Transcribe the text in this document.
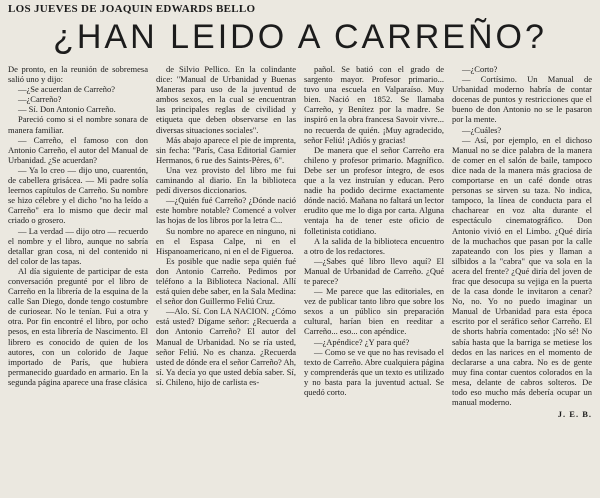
LOS JUEVES DE JOAQUIN EDWARDS BELLO
¿HAN LEIDO A CARREÑO?

De pronto, en la reunión de sobremesa salió uno y dijo:

—¿Se acuerdan de Carreño?

—¿Carreño?

— Sí. Don Antonio Carreño.

Pareció como si el nombre sonara de manera familiar.

— Carreño, el famoso con don Antonio Carreño, el autor del Manual de Urbanidad. ¿Se acuerdan?

— Ya lo creo — dijo uno, cuarentón, de cabellera grisácea. — Mi padre solía leernos capítulos de Carreño. Su nombre se hizo célebre y el dicho "no ha leído a Carreño" era lo mismo que decir mal criado o grosero.

— La verdad — dijo otro — recuerdo el nombre y el libro, aunque no sabría detallar gran cosa, ni del contenido ni del color de las tapas.

Al día siguiente de participar de esta conversación pregunté por el libro de Carreño en la librería de la esquina de la calle San Diego, donde tengo costumbre de curiosear. No le tenían. Fui a otra y otra. Por fin encontré el libro, por ocho pesos, en esta librería de Nascimento. El librero es conocido de quien de los autores, con un colorido de Jaque importado de París, que hubiera permanecido guardado en armario. En la segunda página aparece una frase clásica

de Silvio Pellico. En la colindante dice: "Manual de Urbanidad y Buenas Maneras para uso de la juventud de ambos sexos, en la cual se encuentran las principales reglas de civilidad y etiqueta que deben observarse en las diversas situaciones sociales".

Más abajo aparece el pie de imprenta, sin fecha: "París, Casa Editorial Garnier Hermanos, 6 rue des Saints-Pères, 6".

Una vez provisto del libro me fui caminando al diario. En la biblioteca pedí diversos diccionarios.

—¿Quién fué Carreño? ¿Dónde nació este hombre notable? Comencé a volver las hojas de los libros por la letra C...

Su nombre no aparece en ninguno, ni en el Espasa Calpe, ni en el Hispanoamericano, ni en el de Figueroa.

Es posible que nadie sepa quién fué don Antonio Carreño. Pedimos por teléfono a la Biblioteca Nacional. Allí está quien debe saber, en la Sala Medina: el señor don Guillermo Feliú Cruz.

—Alo. Sí. Con LA NACION. ¿Cómo está usted? Dígame señor: ¿Recuerda a don Antonio Carreño? El autor del Manual de Urbanidad. No se ría usted, señor Feliú. No es chanza. ¿Recuerda usted de dónde era el señor Carreño? Ah, sí. Ya decía yo que usted debía saber. Sí, sí. Chileno, hijo de carlista es-

pañol. Se batió con el grado de sargento mayor. Profesor primario... tuvo una escuela en Valparaíso. Muy bien. Nació en 1852. Se llamaba Carreño, y Benítez por la madre. Se inspiró en la obra francesa Savoir vivre... no recuerda de quién. ¡Muy agradecido, señor Feliú! ¡Adiós y gracias!

De manera que el señor Carreño era chileno y profesor primario. Magnífico. Debe ser un profesor íntegro, de esos que a la vez instruían y educan. Pero nadie ha podido decirme exactamente dónde nació. Mañana no faltará un lector erudito que me lo diga por carta. Alguna ventaja ha de tener este oficio de folletinista cotidiano.

A la salida de la biblioteca encuentro a otro de los redactores.

—¿Sabes qué libro llevo aquí? El Manual de Urbanidad de Carreño. ¿Qué te parece?

— Me parece que las editoriales, en vez de publicar tanto libro que sobre los sexos a un público sin preparación cultural, harían bien en reeditar a Carreño... eso... con apéndice.

—¿Apéndice? ¿Y para qué?

— Como se ve que no has revisado el texto de Carreño. Abre cualquiera página y comprenderás que un texto es utilizado y no basta para la juventud actual. Se quedó corto.

—¿Corto?

— Cortísimo. Un Manual de Urbanidad moderno habría de contar docenas de puntos y restricciones que el bueno de don Antonio no se le pasaron por la mente.

—¿Cuáles?

— Así, por ejemplo, en el dichoso Manual no se dice palabra de la manera de comer en el salón de baile, tampoco dice nada de la manera más graciosa de comportarse en un café donde otras personas se sirven su taza. No indica, tampoco, la línea de conducta para el chacharear en voz alta durante el espectáculo cinematográfico. Don Antonio vivió en el Limbo. ¿Qué diría de la muchachos que pasan por la calle zapateando con los pies y llaman a silbidos a la "cabra" que va sola en la acera del frente? ¿Qué diría del joven de frac que desocupa su vejiga en la puerta de la casa donde le invitaron a cenar? No, no. Yo no puedo imaginar un Manual de Urbanidad para esta época escrito por el seráfico señor Carreño. El de shorts habría comentado: ¡No sé! No sabía hasta que la barriga se metiese los dedos en las narices en el momento de declararse a una cabra. No es de gente muy fina contar cuentos colorados en la mesa, delante de cabros solteros. De todo eso mucho más debería ocupar un manual moderno.

J. E. B.
